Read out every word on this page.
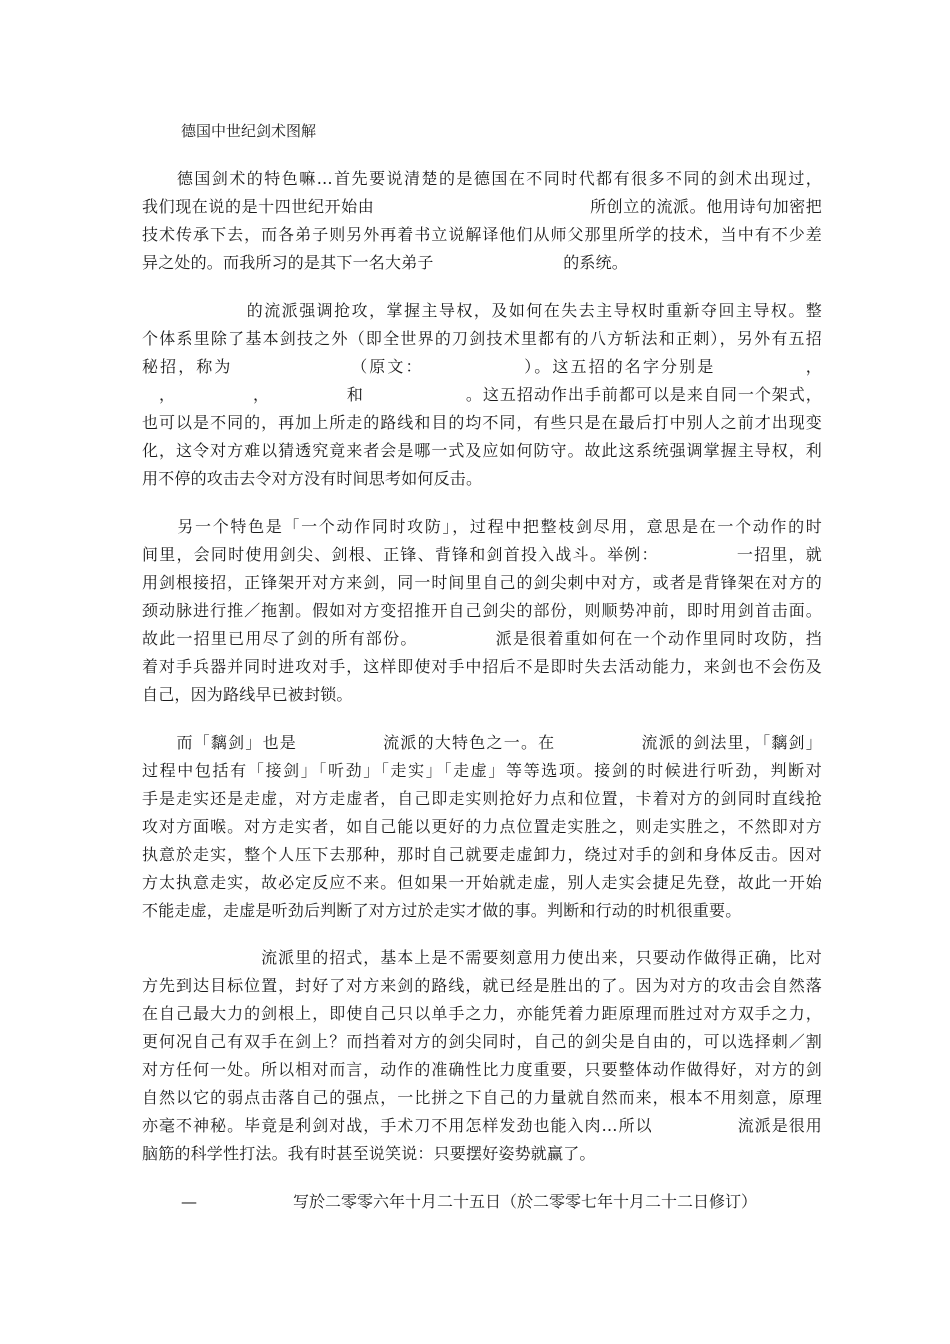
德国中世纪剑术图解
　　德国剑术的特色嘛…首先要说清楚的是德国在不同时代都有很多不同的剑术出现过，
我们现在说的是十四世纪开始由　　　　　　　　　　　　　所创立的流派。他用诗句加密把
技术传承下去，而各弟子则另外再着书立说解译他们从师父那里所学的技术，当中有不少差
异之处的。而我所习的是其下一名大弟子　　　　　　　　的系统。
　　　　　　的流派强调抢攻，掌握主导权，及如何在失去主导权时重新夺回主导权。整
个体系里除了基本剑技之外（即全世界的刀剑技术里都有的八方斩法和正刺），另外有五招
秘招，称为　　　　　　　（原文：　　　　　　）。这五招的名字分别是　　　　　，
　，　　　　　，　　　　　和　　　　　　。这五招动作出手前都可以是来自同一个架式，
也可以是不同的，再加上所走的路线和目的均不同，有些只是在最后打中别人之前才出现变
化，这令对方难以猜透究竟来者会是哪一式及应如何防守。故此这系统强调掌握主导权，利
用不停的攻击去令对方没有时间思考如何反击。
　　另一个特色是「一个动作同时攻防」，过程中把整枝剑尽用，意思是在一个动作的时
间里，会同时使用剑尖、剑根、正锋、背锋和剑首投入战斗。举例：　　　　　一招里，就
用剑根接招，正锋架开对方来剑，同一时间里自己的剑尖刺中对方，或者是背锋架在对方的
颈动脉进行推／拖割。假如对方变招推开自己剑尖的部份，则顺势冲前，即时用剑首击面。
故此一招里已用尽了剑的所有部份。　　　　　派是很着重如何在一个动作里同时攻防，挡
着对手兵器并同时进攻对手，这样即使对手中招后不是即时失去活动能力，来剑也不会伤及
自己，因为路线早已被封锁。
　　而「黐剑」也是　　　　　流派的大特色之一。在　　　　　流派的剑法里，「黐剑」
过程中包括有「接剑」「听劲」「走实」「走虚」等等选项。接剑的时候进行听劲，判断对
手是走实还是走虚，对方走虚者，自己即走实则抢好力点和位置，卡着对方的剑同时直线抢
攻对方面喉。对方走实者，如自己能以更好的力点位置走实胜之，则走实胜之，不然即对方
执意於走实，整个人压下去那种，那时自己就要走虚卸力，绕过对手的剑和身体反击。因对
方太执意走实，故必定反应不来。但如果一开始就走虚，别人走实会捷足先登，故此一开始
不能走虚，走虚是听劲后判断了对方过於走实才做的事。判断和行动的时机很重要。
　　　　　　　流派里的招式，基本上是不需要刻意用力使出来，只要动作做得正确，比对
方先到达目标位置，封好了对方来剑的路线，就已经是胜出的了。因为对方的攻击会自然落
在自己最大力的剑根上，即使自己只以单手之力，亦能凭着力距原理而胜过对方双手之力，
更何况自己有双手在剑上？而挡着对方的剑尖同时，自己的剑尖是自由的，可以选择刺／割
对方任何一处。所以相对而言，动作的准确性比力度重要，只要整体动作做得好，对方的剑
自然以它的弱点击落自己的强点，一比拼之下自己的力量就自然而来，根本不用刻意，原理
亦毫不神秘。毕竟是利剑对战，手术刀不用怎样发劲也能入肉…所以　　　　　流派是很用
脑筋的科学性打法。我有时甚至说笑说：只要摆好姿势就赢了。
—　　　　　　写於二零零六年十月二十五日（於二零零七年十月二十二日修订）
